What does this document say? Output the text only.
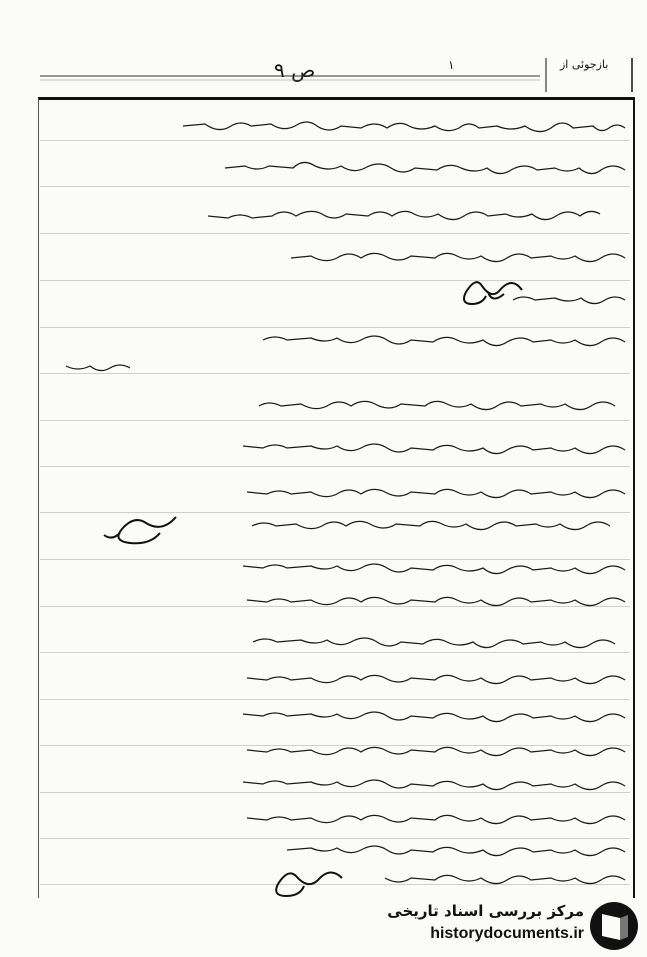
ﺑﺎﺯﺟﻮﺋﯽ ﺍﺯ
۱
ﺹ ۹
مرکز بررسی اسناد تاریخی
historydocuments.ir
